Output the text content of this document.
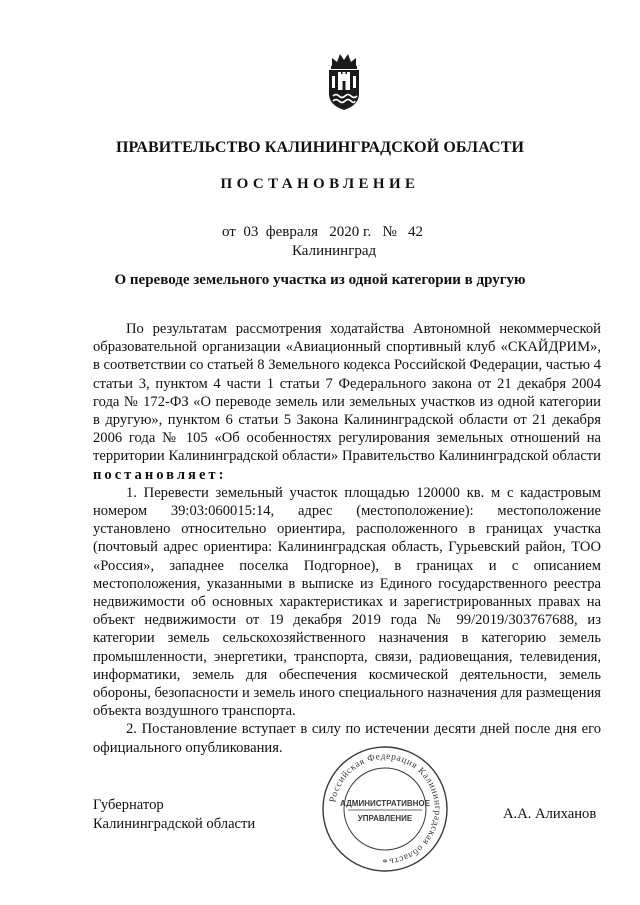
ПРАВИТЕЛЬСТВО КАЛИНИНГРАДСКОЙ ОБЛАСТИ
ПОСТАНОВЛЕНИЕ
от  03  февраля   2020 г.   №   42
Калининград
О переводе земельного участка из одной категории в другую

По результатам рассмотрения ходатайства Автономной некоммерческой образовательной организации «Авиационный спортивный клуб «СКАЙДРИМ», в соответствии со статьей 8 Земельного кодекса Российской Федерации, частью 4 статьи 3, пунктом 4 части 1 статьи 7 Федерального закона от 21 декабря 2004 года № 172-ФЗ «О переводе земель или земельных участков из одной категории в другую», пунктом 6 статьи 5 Закона Калининградской области от 21 декабря 2006 года № 105 «Об особенностях регулирования земельных отношений на территории Калининградской области» Правительство Калининградской области постановляет:

1. Перевести земельный участок площадью 120000 кв. м с кадастровым номером 39:03:060015:14, адрес (местоположение): местоположение установлено относительно ориентира, расположенного в границах участка (почтовый адрес ориентира: Калининградская область, Гурьевский район, ТОО «Россия», западнее поселка Подгорное), в границах и с описанием местоположения, указанными в выписке из Единого государственного реестра недвижимости об основных характеристиках и зарегистрированных правах на объект недвижимости от 19 декабря 2019 года № 99/2019/303767688, из категории земель сельскохозяйственного назначения в категорию земель промышленности, энергетики, транспорта, связи, радиовещания, телевидения, информатики, земель для обеспечения космической деятельности, земель обороны, безопасности и земель иного специального назначения для размещения объекта воздушного транспорта.

2. Постановление вступает в силу по истечении десяти дней после дня его официального опубликования.

Губернатор
Калининградской области
А.А. Алиханов
Российская Федерация Калининградская область
АДМИНИСТРАТИВНОЕ
УПРАВЛЕНИЕ
*
